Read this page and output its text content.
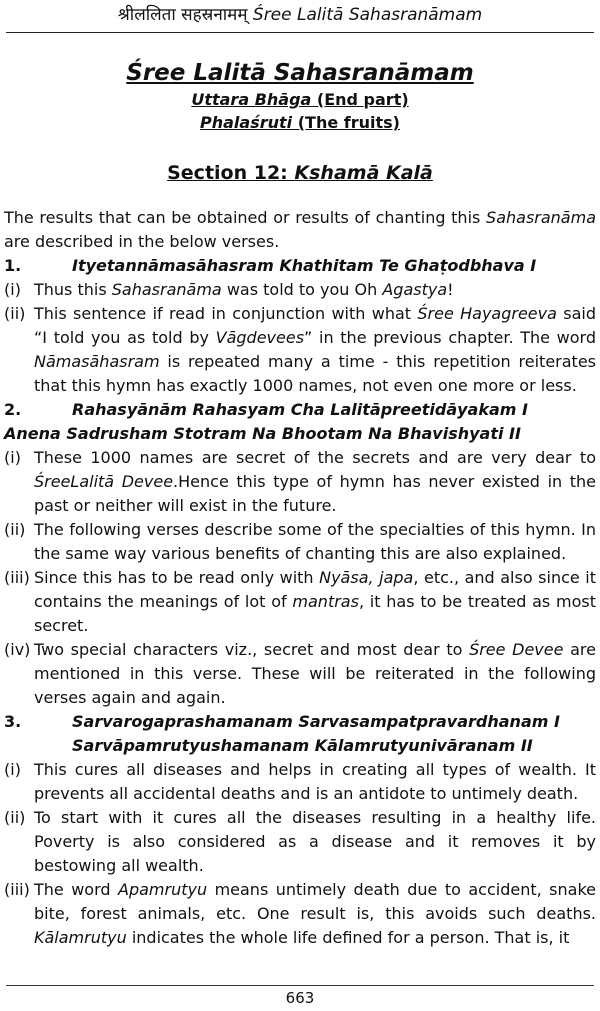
श्रीललिता सहस्रनामम् Śree Lalitā Sahasranāmam
Śree Lalitā Sahasranāmam
Uttara Bhāga (End part)
Phalaśruti (The fruits)
Section 12: Kshamā Kalā
The results that can be obtained or results of chanting this Sahasranāma are described in the below verses.
1.	Ityetannāmasāhasram Khathitam Te Ghaṭodbhava I
(i) Thus this Sahasranāma was told to you Oh Agastya!
(ii) This sentence if read in conjunction with what Śree Hayagreeva said “I told you as told by Vāgdevees” in the previous chapter. The word Nāmasāhasram is repeated many a time - this repetition reiterates that this hymn has exactly 1000 names, not even one more or less.
2.	Rahasyānām Rahasyam Cha Lalitāpreetidāyakam I
Anena Sadrusham Stotram Na Bhootam Na Bhavishyati II
(i) These 1000 names are secret of the secrets and are very dear to ŚreeLalitā Devee.Hence this type of hymn has never existed in the past or neither will exist in the future.
(ii) The following verses describe some of the specialties of this hymn. In the same way various benefits of chanting this are also explained.
(iii) Since this has to be read only with Nyāsa, japa, etc., and also since it contains the meanings of lot of mantras, it has to be treated as most secret.
(iv) Two special characters viz., secret and most dear to Śree Devee are mentioned in this verse. These will be reiterated in the following verses again and again.
3.	Sarvarogaprashamanam Sarvasampatpravardhanam I
Sarvāpamrutyushamanam Kālamrutyunivāranam II
(i) This cures all diseases and helps in creating all types of wealth. It prevents all accidental deaths and is an antidote to untimely death.
(ii) To start with it cures all the diseases resulting in a healthy life. Poverty is also considered as a disease and it removes it by bestowing all wealth.
(iii) The word Apamrutyu means untimely death due to accident, snake bite, forest animals, etc. One result is, this avoids such deaths. Kālamrutyu indicates the whole life defined for a person. That is, it
663
